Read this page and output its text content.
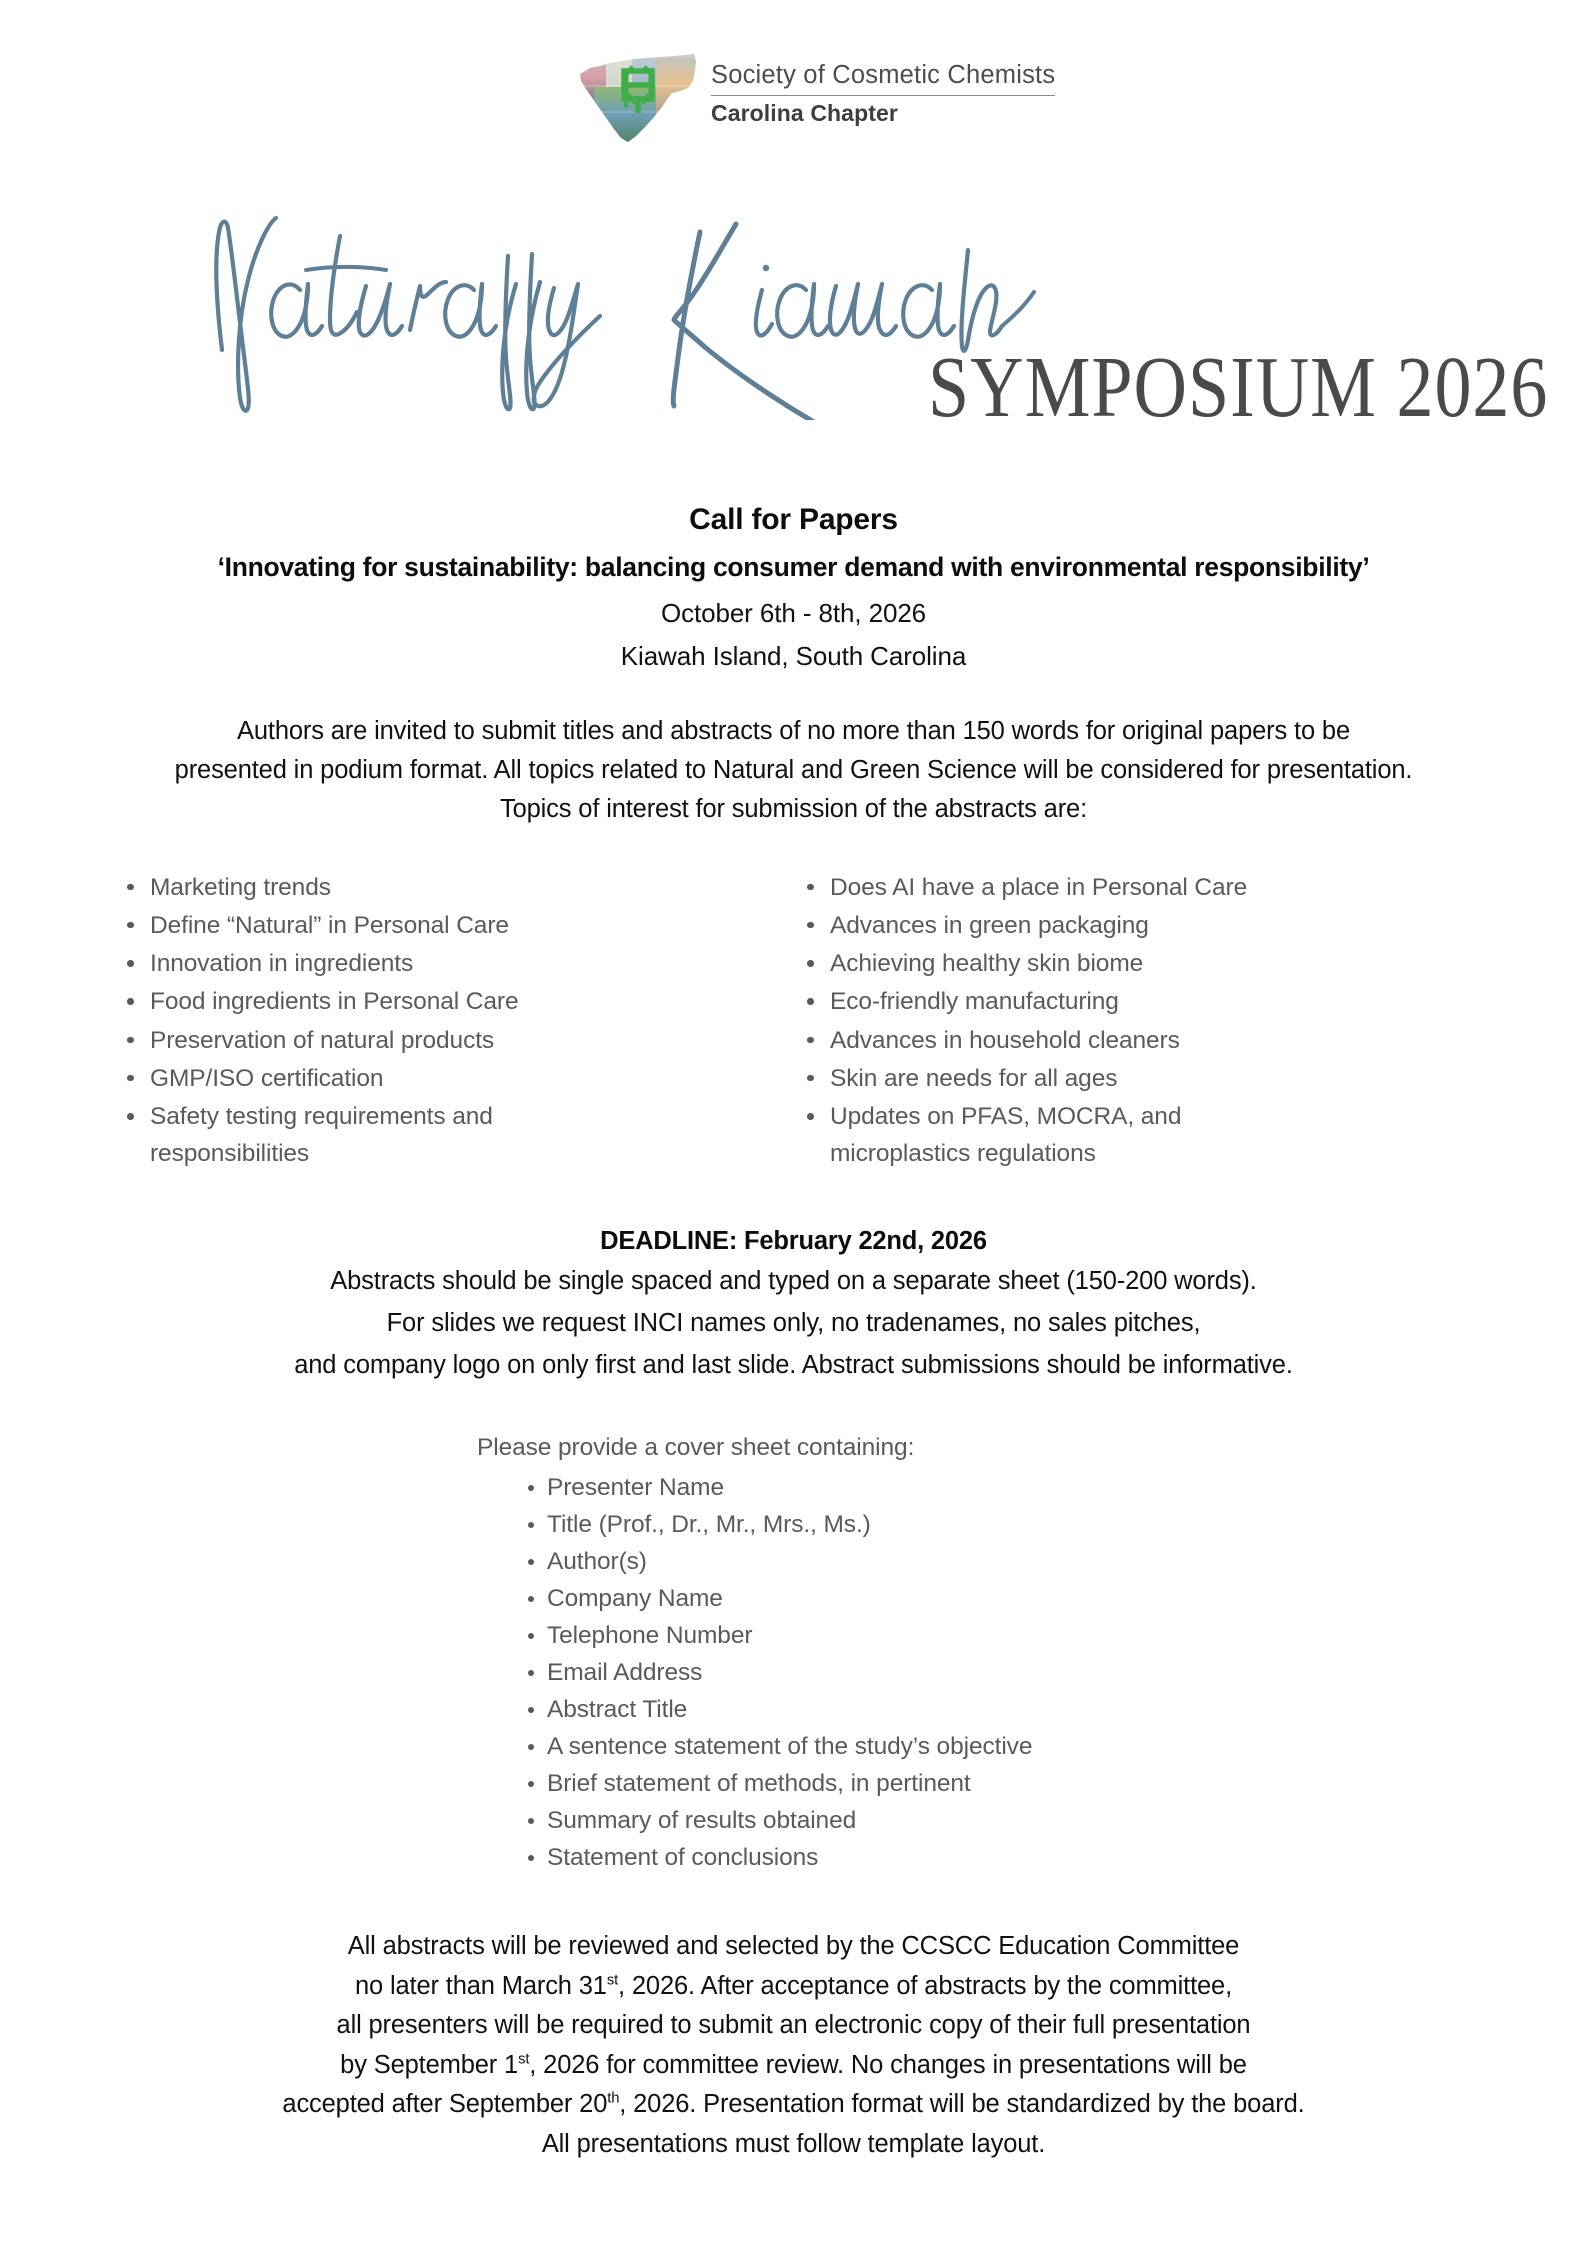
Society of Cosmetic Chemists
Carolina Chapter
SYMPOSIUM 2026
Call for Papers
‘Innovating for sustainability: balancing consumer demand with environmental responsibility’
October 6th - 8th, 2026
Kiawah Island, South Carolina
Authors are invited to submit titles and abstracts of no more than 150 words for original papers to be
presented in podium format. All topics related to Natural and Green Science will be considered for presentation.
Topics of interest for submission of the abstracts are:
Marketing trends
Define “Natural” in Personal Care
Innovation in ingredients
Food ingredients in Personal Care
Preservation of natural products
GMP/ISO certification
Safety testing requirements and responsibilities
Does AI have a place in Personal Care
Advances in green packaging
Achieving healthy skin biome
Eco-friendly manufacturing
Advances in household cleaners
Skin are needs for all ages
Updates on PFAS, MOCRA, and microplastics regulations
DEADLINE: February 22nd, 2026
Abstracts should be single spaced and typed on a separate sheet (150-200 words).
For slides we request INCI names only, no tradenames, no sales pitches,
and company logo on only first and last slide. Abstract submissions should be informative.
Please provide a cover sheet containing:
Presenter Name
Title (Prof., Dr., Mr., Mrs., Ms.)
Author(s)
Company Name
Telephone Number
Email Address
Abstract Title
A sentence statement of the study’s objective
Brief statement of methods, in pertinent
Summary of results obtained
Statement of conclusions
All abstracts will be reviewed and selected by the CCSCC Education Committee
no later than March 31st, 2026. After acceptance of abstracts by the committee,
all presenters will be required to submit an electronic copy of their full presentation
by September 1st, 2026 for committee review. No changes in presentations will be
accepted after September 20th, 2026. Presentation format will be standardized by the board.
All presentations must follow template layout.
